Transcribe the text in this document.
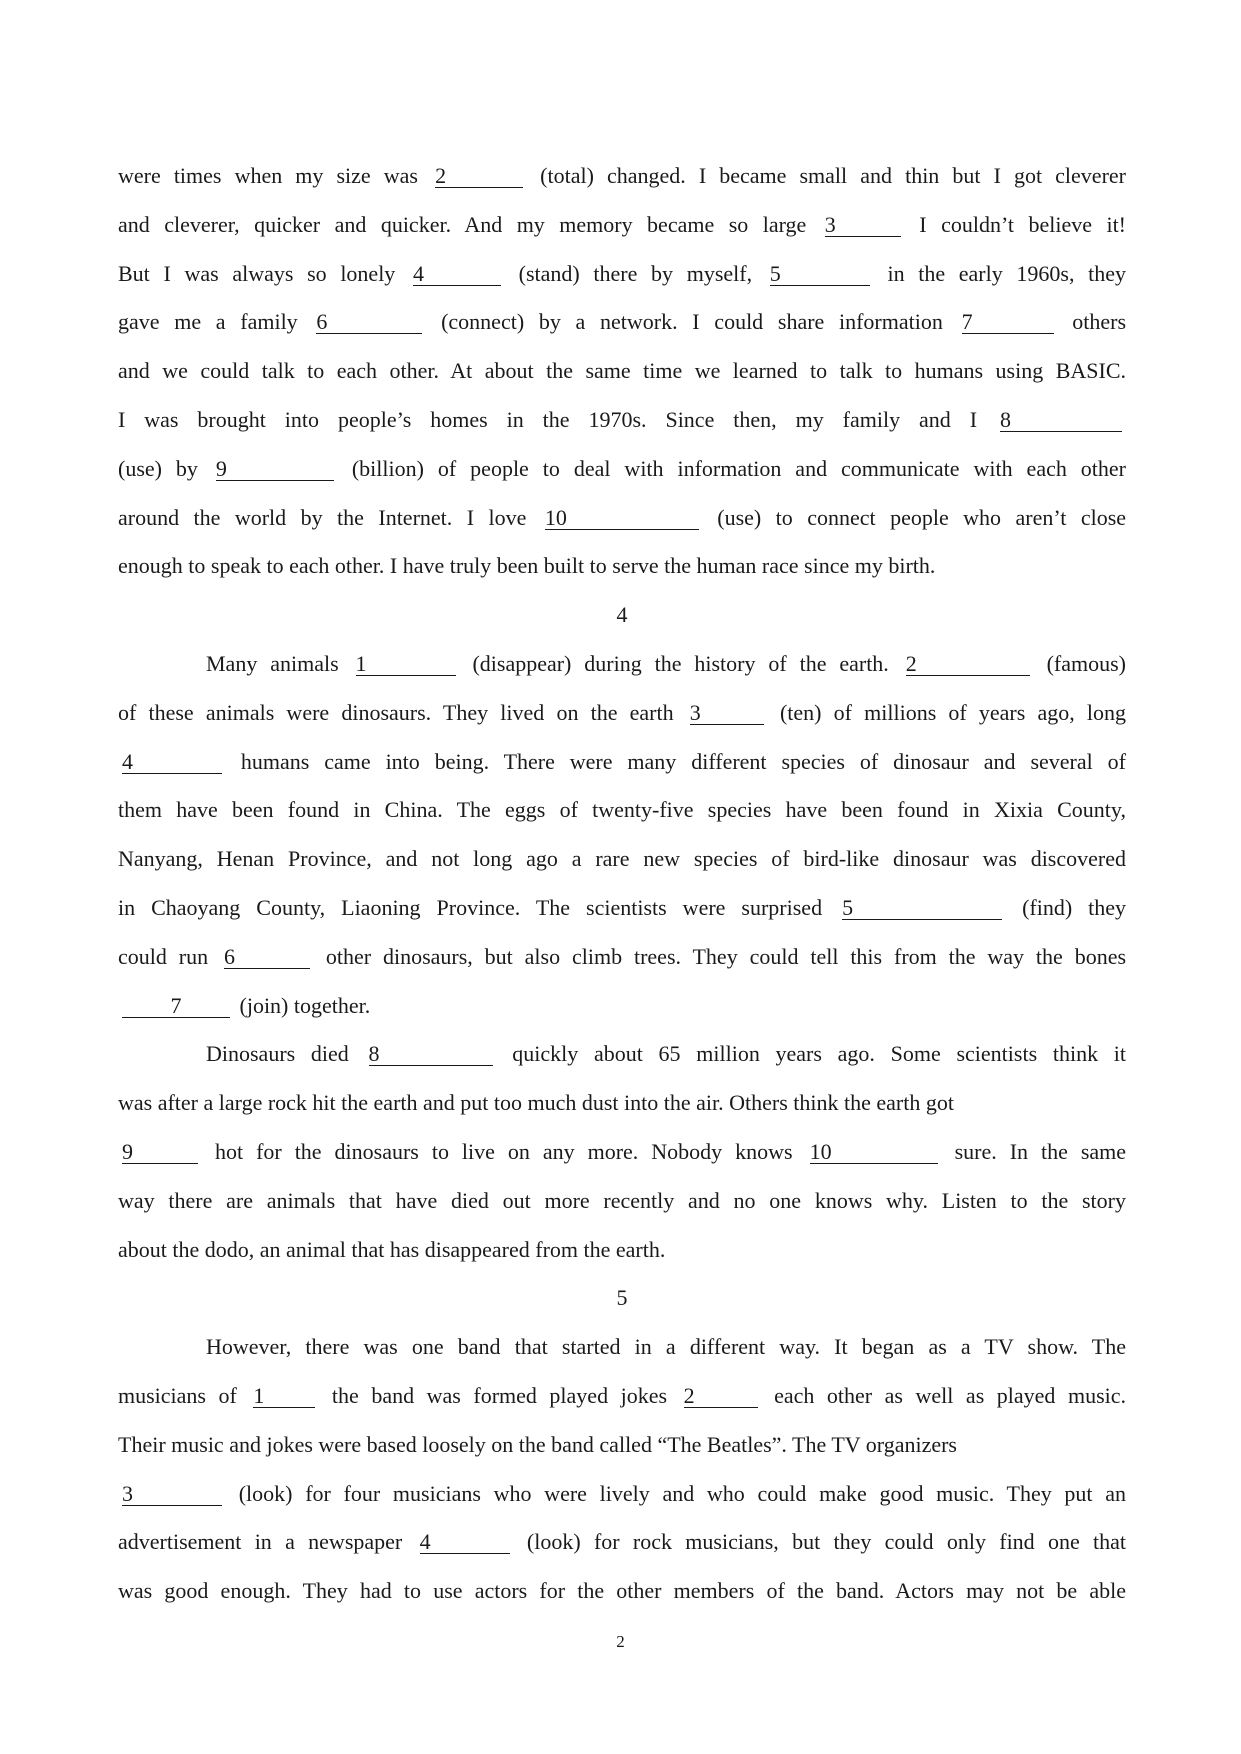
were times when my size was 2	(total) changed. I became small and thin but I got cleverer
and cleverer, quicker and quicker. And my memory became so large 3	I couldn’t believe it!
But I was always so lonely 4	(stand) there by myself, 5	in the early 1960s, they
gave me a family 6	(connect) by a network. I could share information 7	others
and we could talk to each other. At about the same time we learned to talk to humans using BASIC.
I was brought into people’s homes in the 1970s. Since then, my family and I 8
(use) by 9	(billion) of people to deal with information and communicate with each other
around the world by the Internet. I love 10	(use) to connect people who aren’t close
enough to speak to each other. I have truly been built to serve the human race since my birth.
4
Many animals 1	(disappear) during the history of the earth. 2	(famous)
of these animals were dinosaurs. They lived on the earth 3	(ten) of millions of years ago, long
4	humans came into being. There were many different species of dinosaur and several of
them have been found in China. The eggs of twenty-five species have been found in Xixia County,
Nanyang, Henan Province, and not long ago a rare new species of bird-like dinosaur was discovered
in Chaoyang County, Liaoning Province. The scientists were surprised 5	(find) they
could run 6	other dinosaurs, but also climb trees. They could tell this from the way the bones
7	(join) together.
Dinosaurs died 8	quickly about 65 million years ago. Some scientists think it
was after a large rock hit the earth and put too much dust into the air. Others think the earth got
9	hot for the dinosaurs to live on any more. Nobody knows 10	sure. In the same
way there are animals that have died out more recently and no one knows why. Listen to the story
about the dodo, an animal that has disappeared from the earth.
5
However, there was one band that started in a different way. It began as a TV show. The
musicians of 1	the band was formed played jokes 2	each other as well as played music.
Their music and jokes were based loosely on the band called “The Beatles”. The TV organizers
3	(look) for four musicians who were lively and who could make good music. They put an
advertisement in a newspaper 4	(look) for rock musicians, but they could only find one that
was good enough. They had to use actors for the other members of the band. Actors may not be able
2
